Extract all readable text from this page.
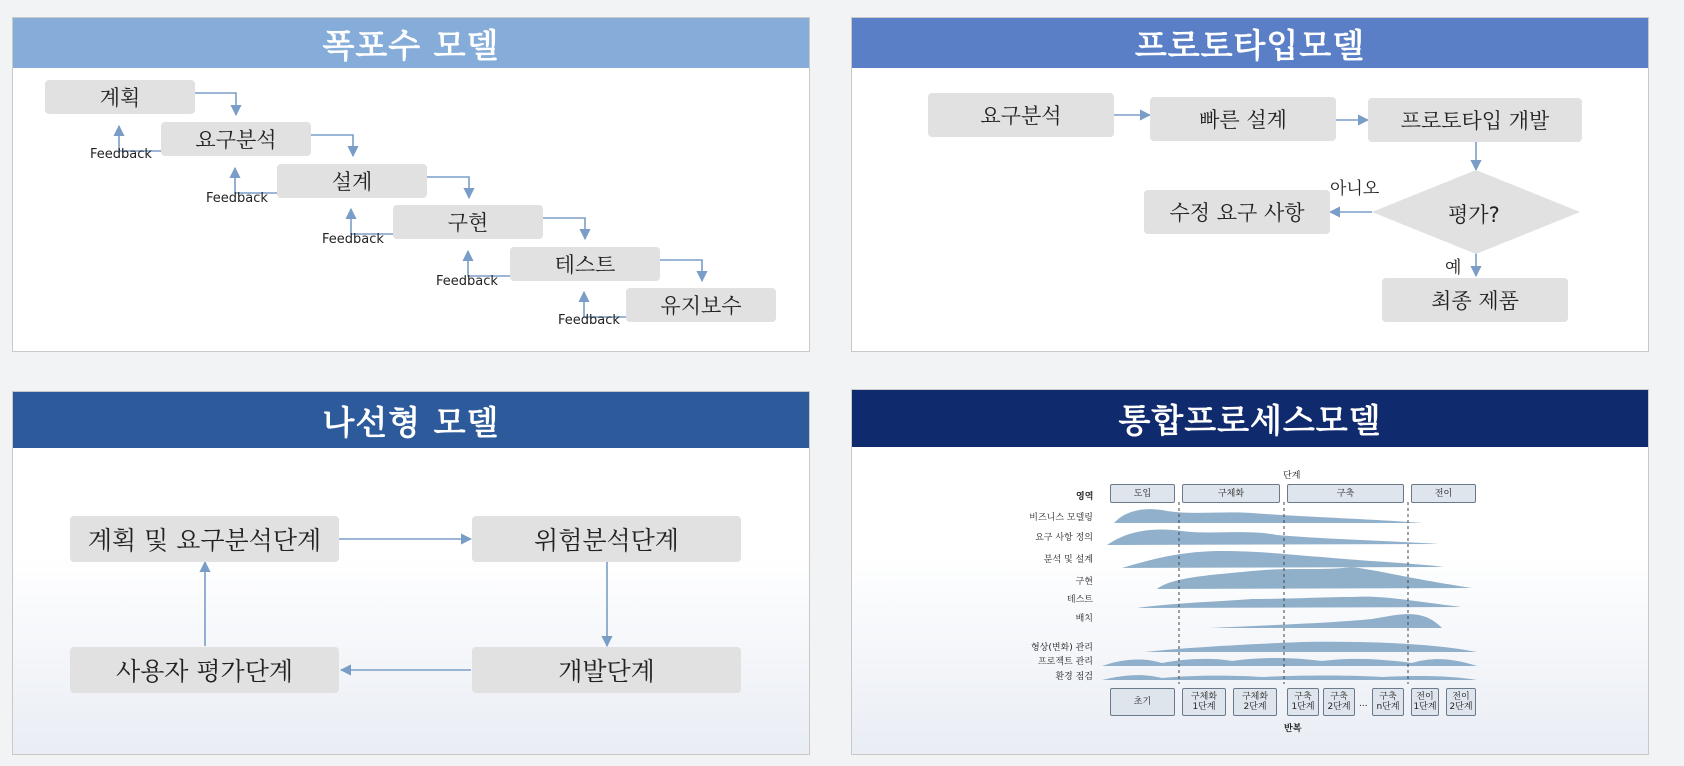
폭포수 모델
계획
요구분석
설계
구현
테스트
유지보수
Feedback
Feedback
Feedback
Feedback
Feedback
프로토타입모델
요구분석	빠른 설계	프로토타입 개발
평가?
수정 요구 사항
최종 제품
아니오
예
나선형 모델
계획 및 요구분석단계	위험분석단계
개발단계
사용자 평가단계
통합프로세스모델
단계
영역	도입	구체화	구축	전이
비즈니스 모델링
요구 사항 정의
분석 및 설계
구현
테스트
배치
형상(변화) 관리
프로젝트 관리
환경 점검
초기	구체화
1단계
구체화
2단계
구축
1단계
구축
2단계 ...
구축
n단계
전이
1단계
전이
2단계
반복
